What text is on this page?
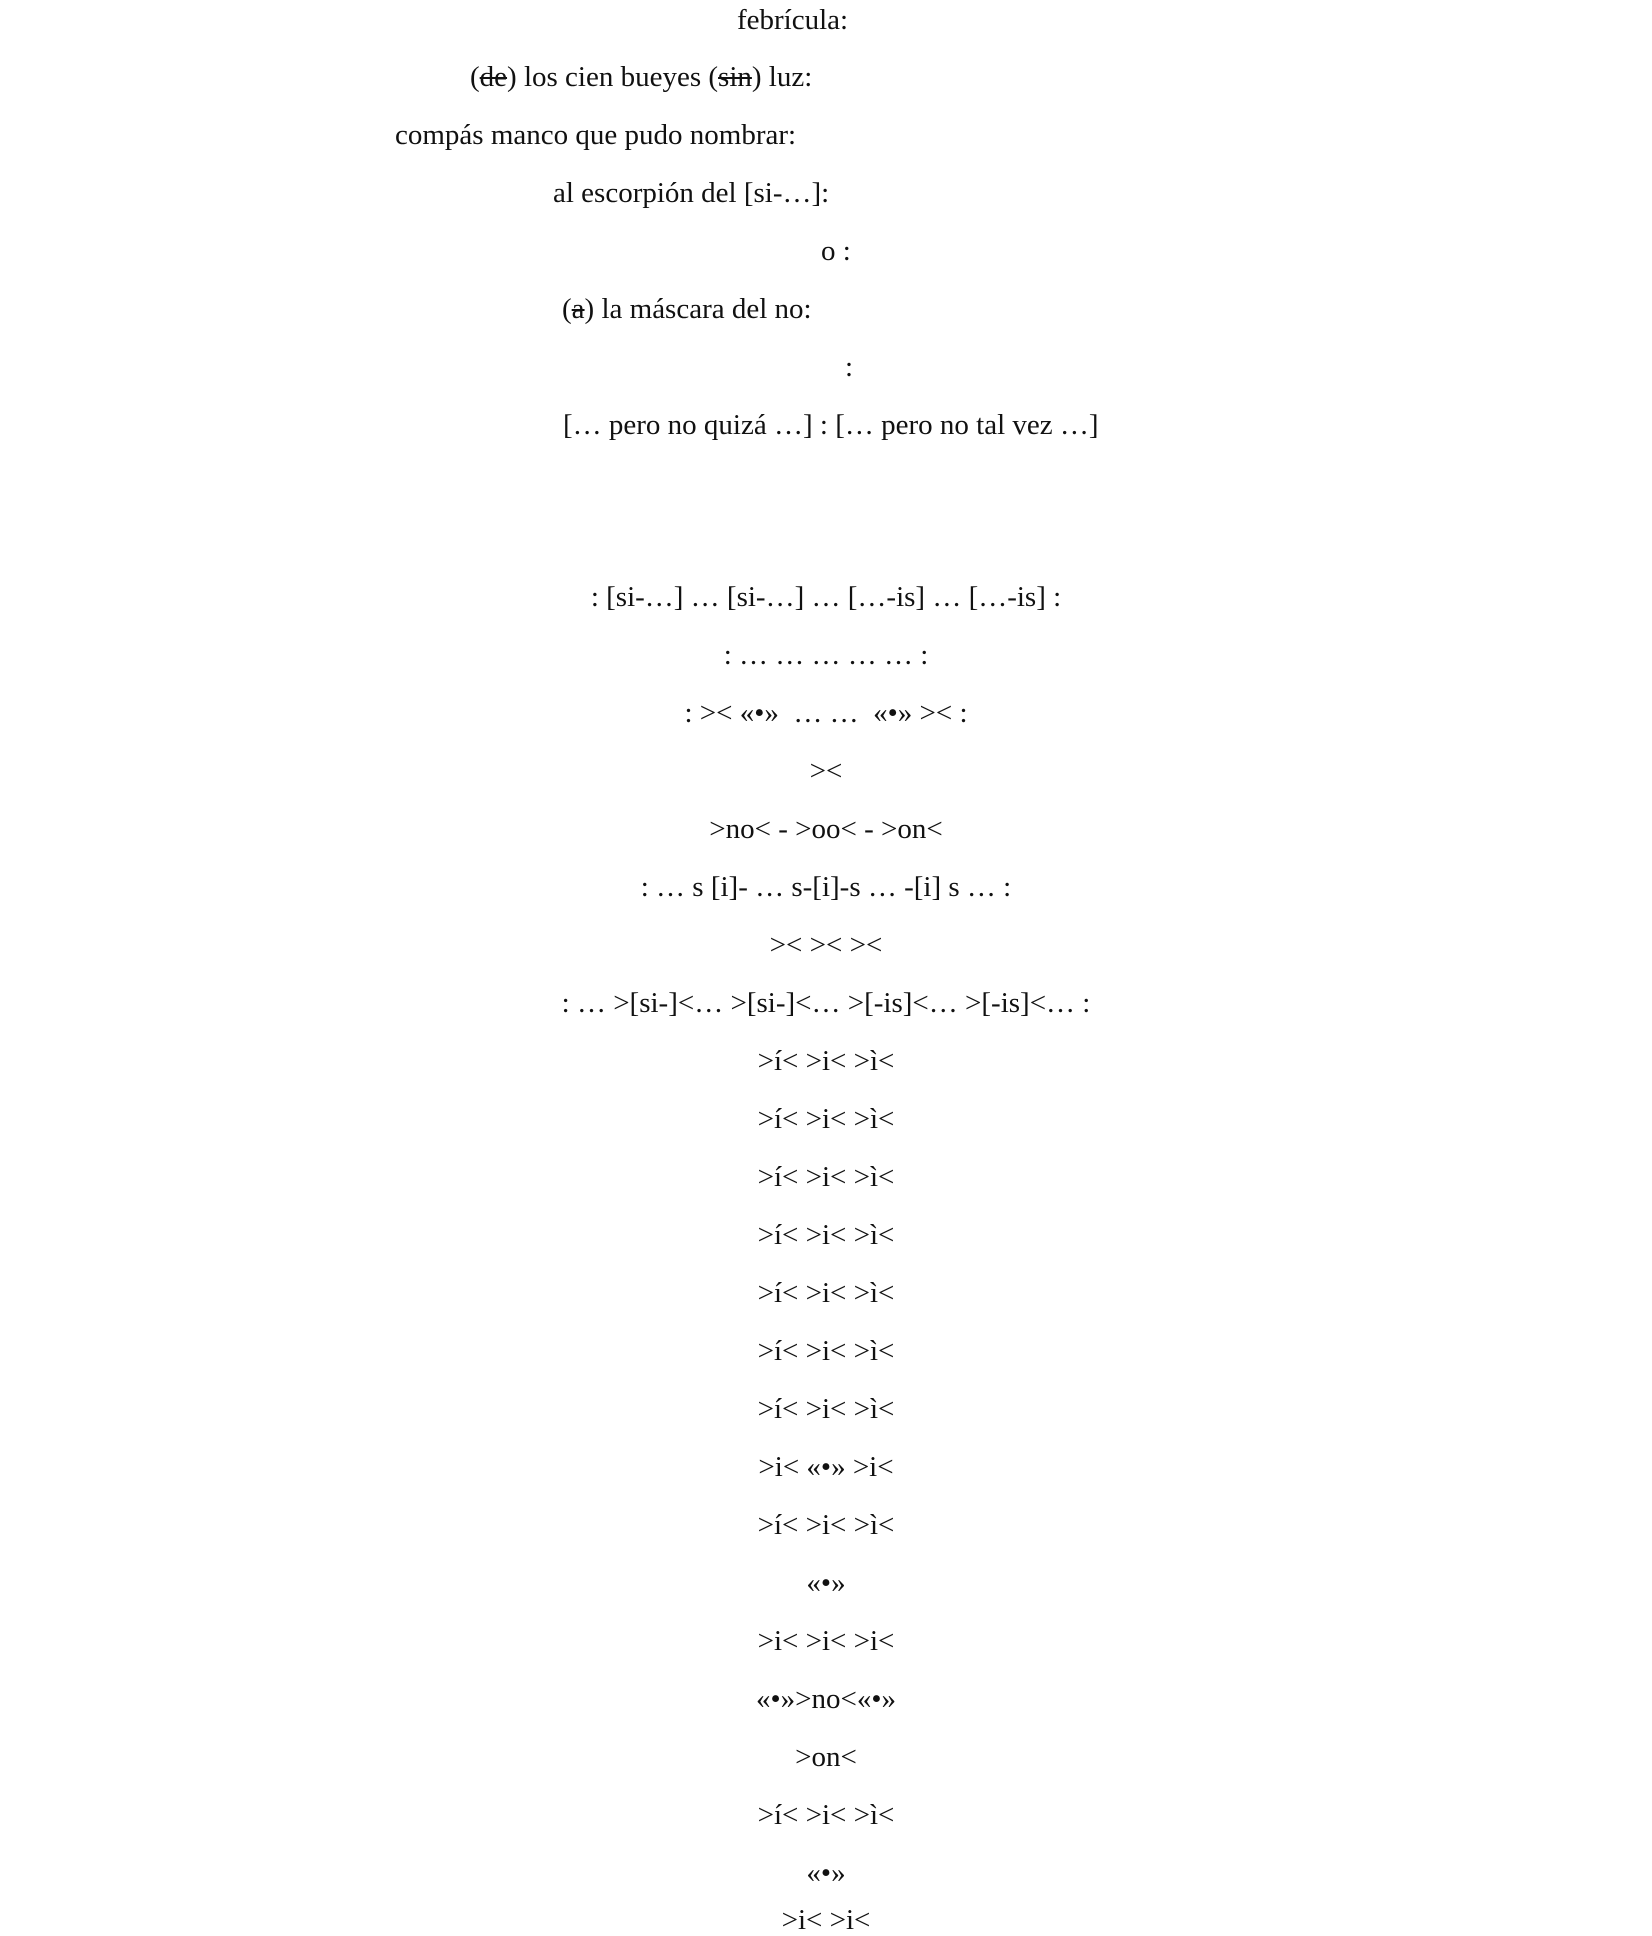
febrícula:
(de) los cien bueyes (sin) luz:
compás manco que pudo nombrar:
al escorpión del [si-…]:
o :
(a) la máscara del no:
:
[… pero no quizá …] : [… pero no tal vez …]
: [si-…] … [si-…] … […-is] … […-is] :
: … … … … … :
: >< «•»  … …  «•» >< :
><
>no< - >oo< - >on<
: … s [i]- … s-[i]-s … -[i] s … :
>< >< ><
: … >[si-]<… >[si-]<… >[-is]<… >[-is]<… :
>í< >i< >ì<
>í< >i< >ì<
>í< >i< >ì<
>í< >i< >ì<
>í< >i< >ì<
>í< >i< >ì<
>í< >i< >ì<
>i< «•» >i<
>í< >i< >ì<
«•»
>i< >i< >i<
«•»>no<«•»
>on<
>í< >i< >ì<
«•»
>i< >i<
